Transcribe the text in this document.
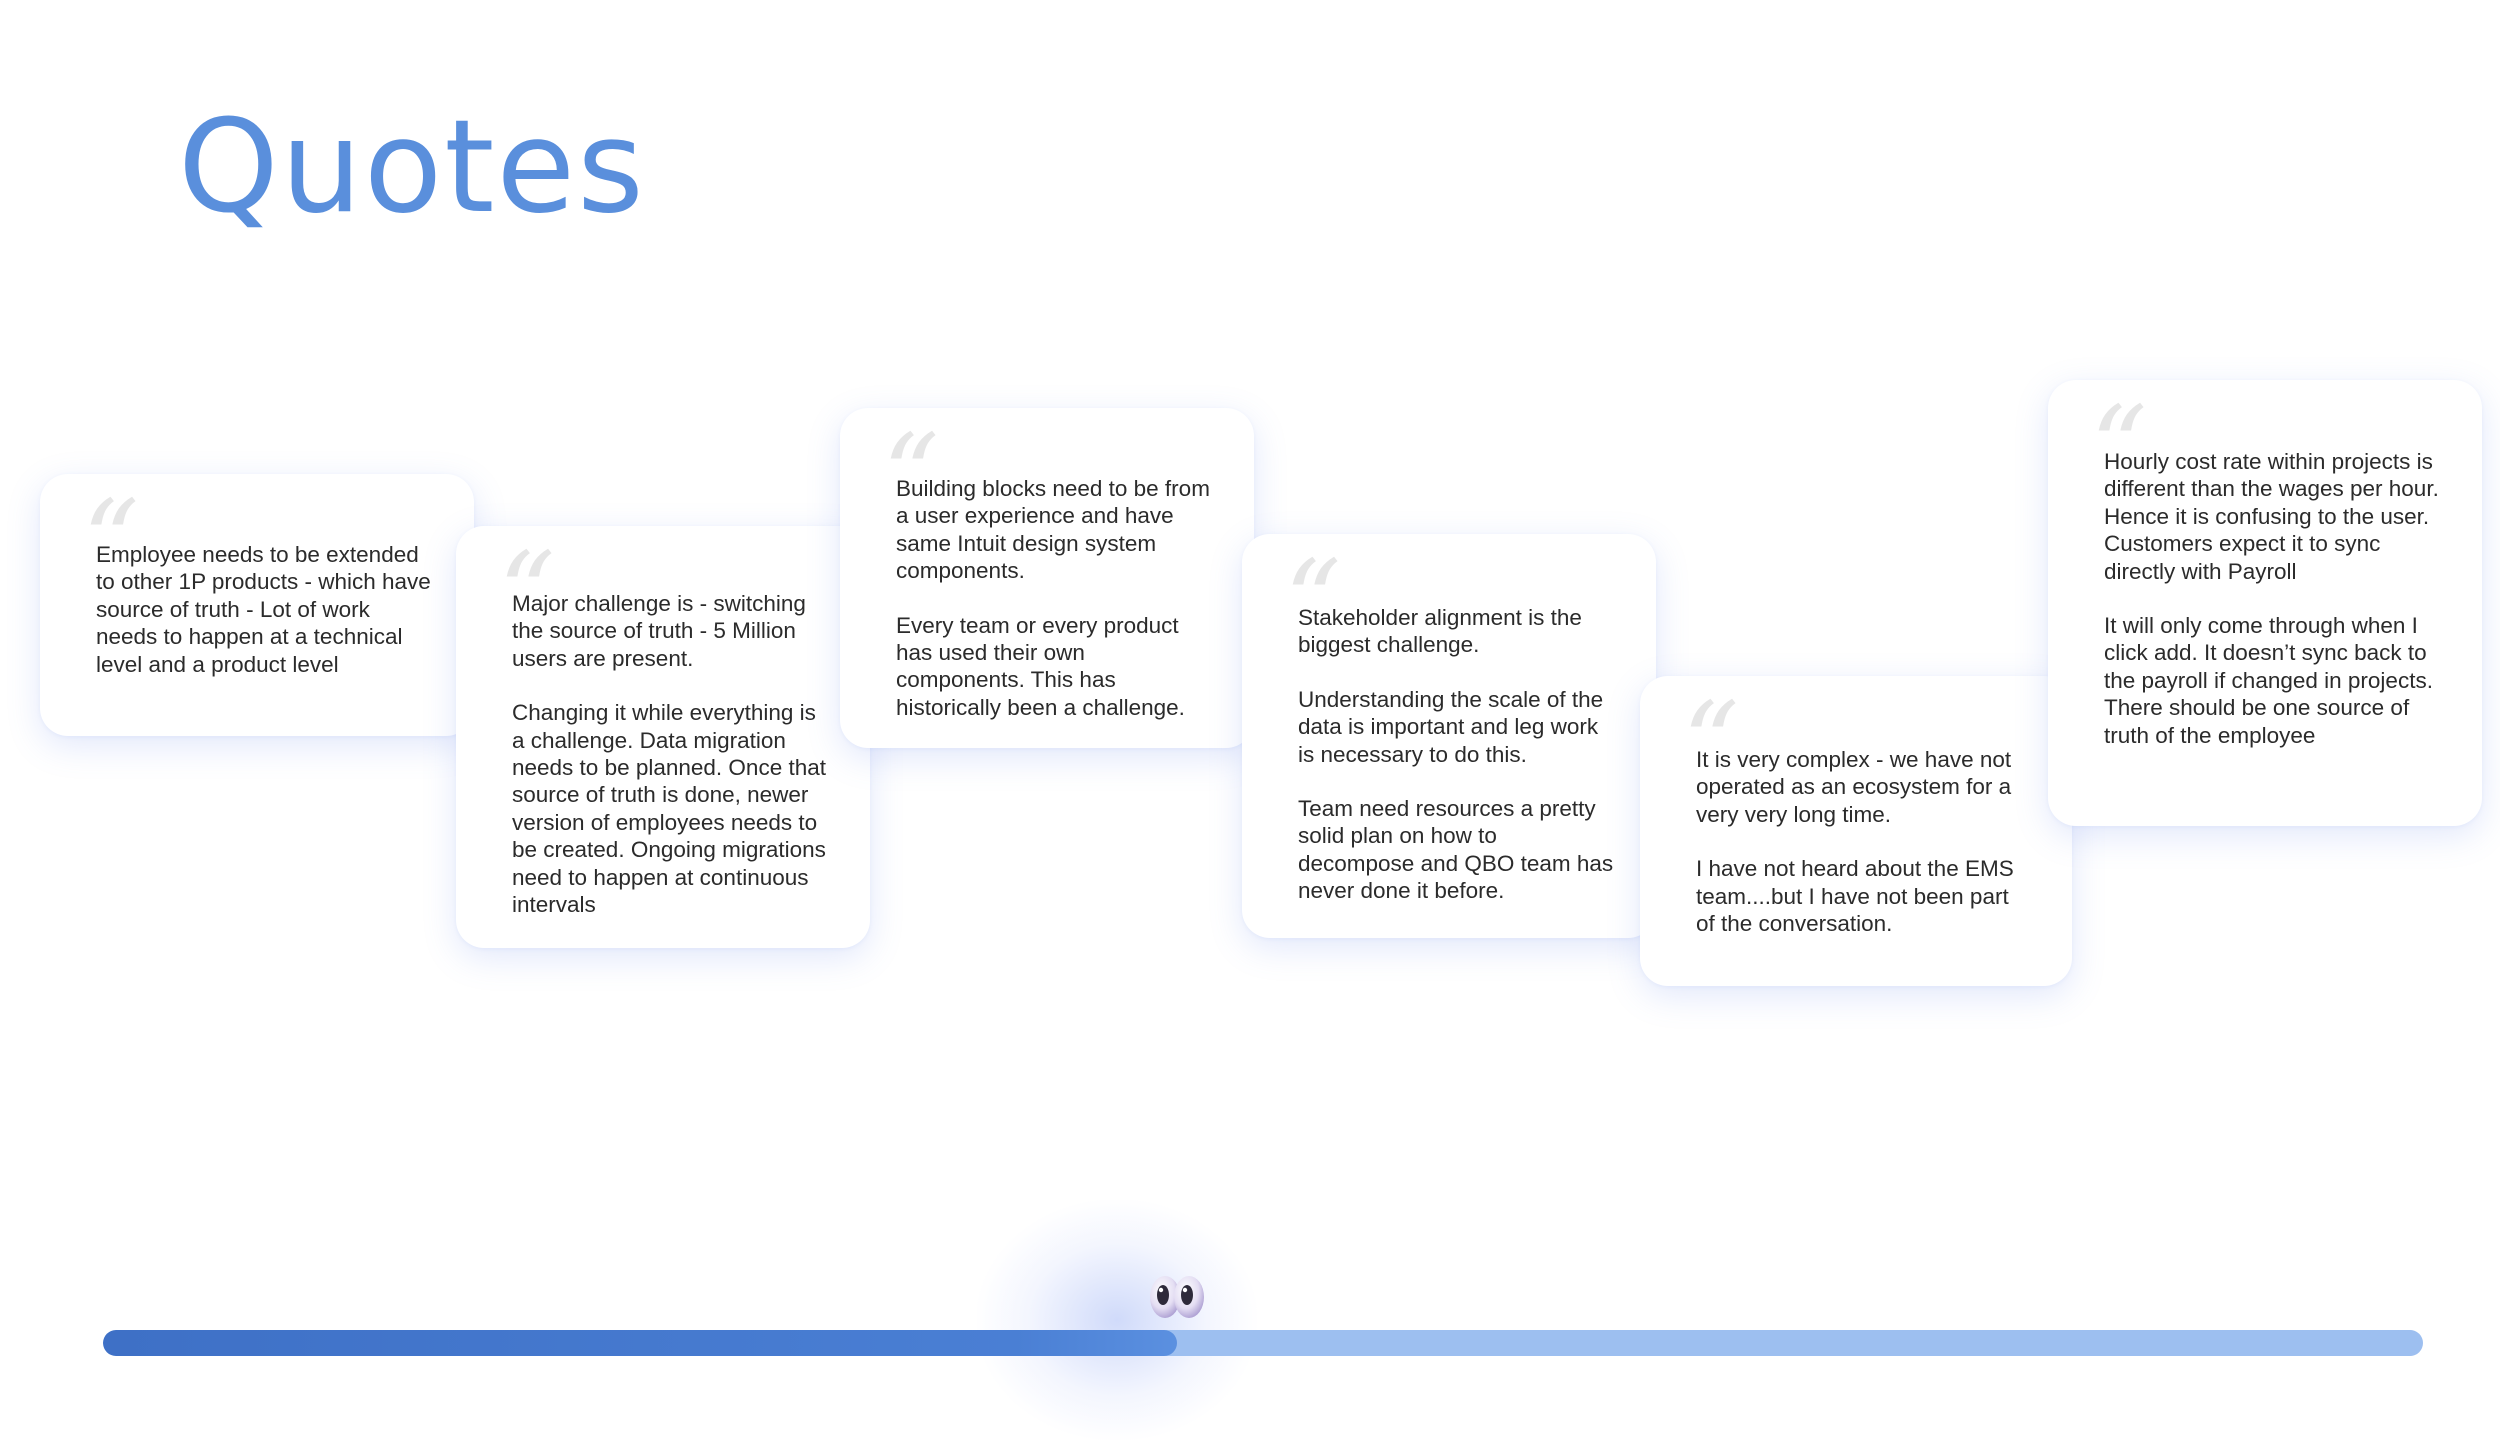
Quotes
“

Employee needs to be extended to other 1P products - which have source of truth - Lot of work needs to happen at a technical level and a product level

“

Major challenge is - switching the source of truth - 5 Million users are present.

Changing it while everything is a challenge. Data migration needs to be planned. Once that source of truth is done, newer version of employees needs to be created. Ongoing migrations need to happen at continuous intervals

“

Building blocks need to be from a user experience and have same Intuit design system components.

Every team or every product has used their own components. This has historically been a challenge.

“

Stakeholder alignment is the biggest challenge.

Understanding the scale of the data is important and leg work is necessary to do this.

Team need resources a pretty solid plan on how to decompose and QBO team has never done it before.

“

It is very complex - we have not operated as an ecosystem for a very very long time.

I have not heard about the EMS team....but I have not been part of the conversation.

“

Hourly cost rate within projects is different than the wages per hour. Hence it is confusing to the user. Customers expect it to sync directly with Payroll

It will only come through when I click add. It doesn’t sync back to the payroll if changed in projects. There should be one source of truth of the employee
